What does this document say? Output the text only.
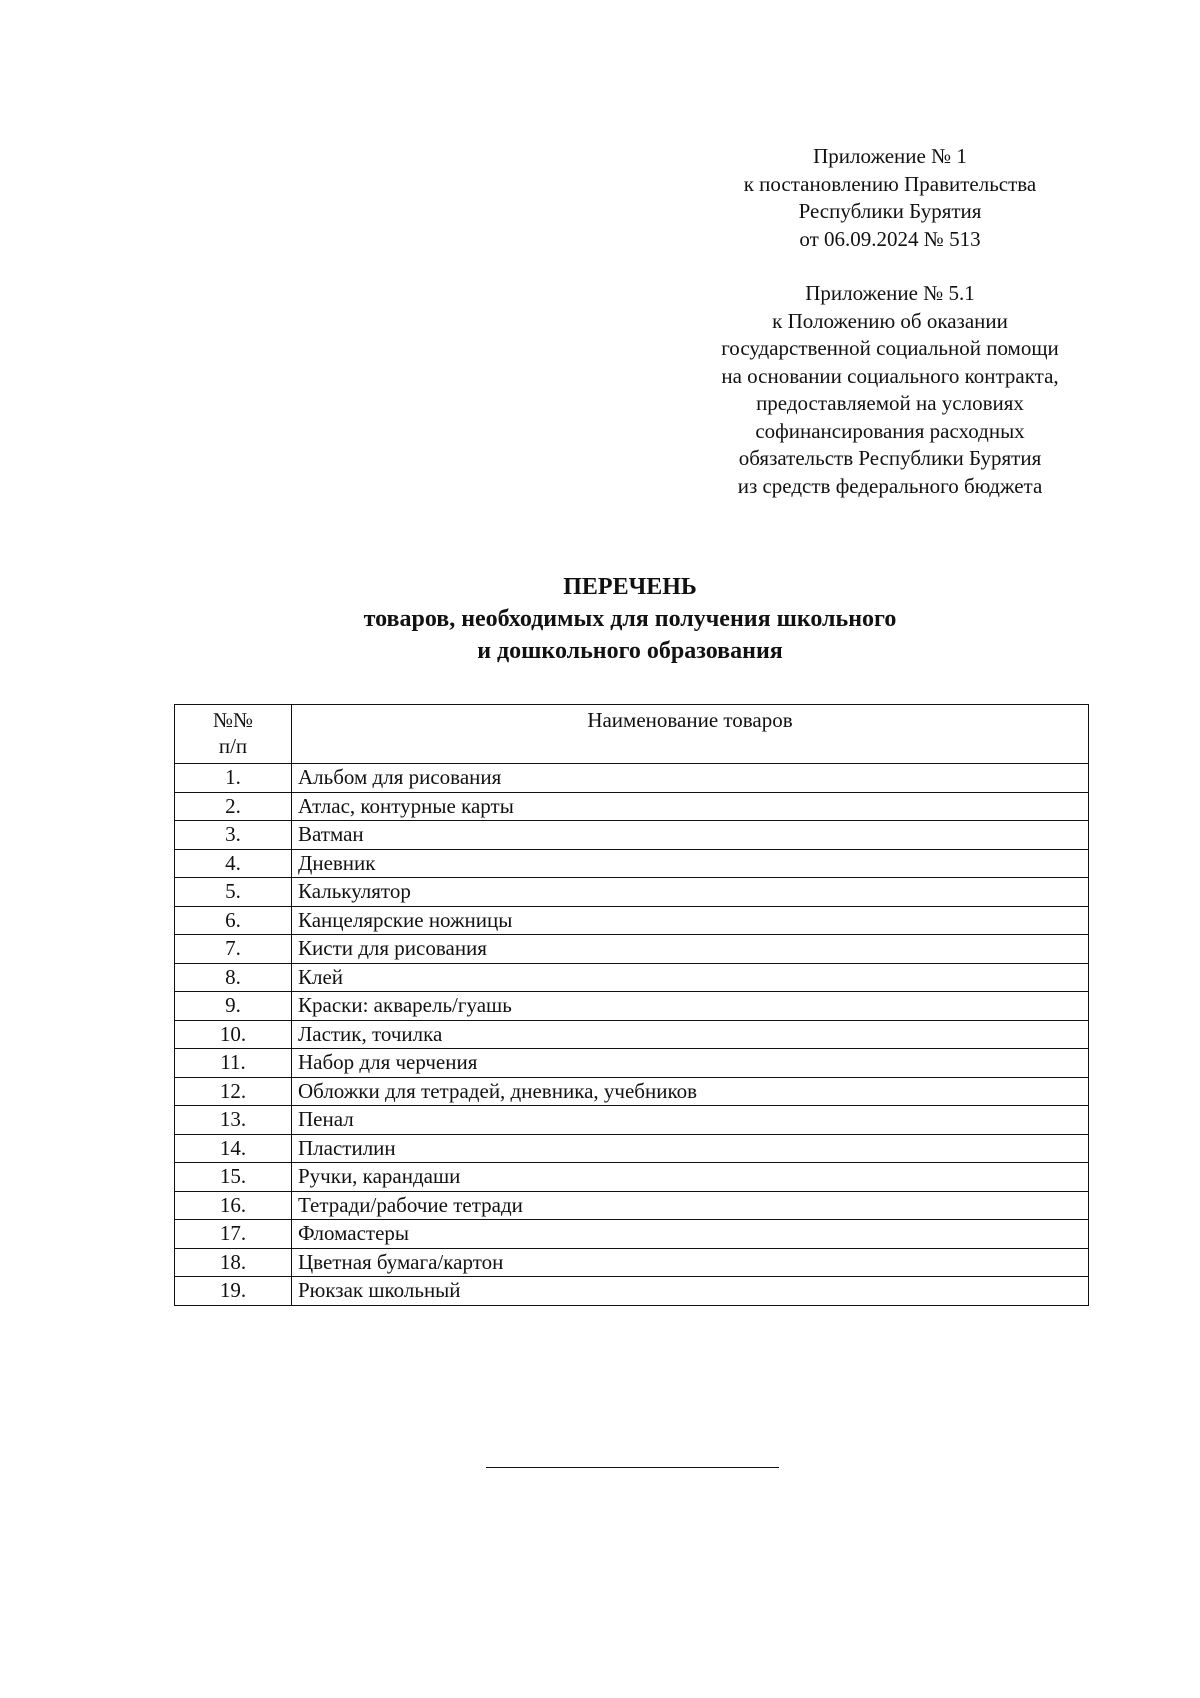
Приложение № 1
к постановлению Правительства
Республики Бурятия
от 06.09.2024 № 513
Приложение № 5.1
к Положению об оказании
государственной социальной помощи
на основании социального контракта,
предоставляемой на условиях
софинансирования расходных
обязательств Республики Бурятия
из средств федерального бюджета
ПЕРЕЧЕНЬ
товаров, необходимых для получения школьного
и дошкольного образования
№№
п/п	Наименование товаров
1.	Альбом для рисования
2.	Атлас, контурные карты
3.	Ватман
4.	Дневник
5.	Калькулятор
6.	Канцелярские ножницы
7.	Кисти для рисования
8.	Клей
9.	Краски: акварель/гуашь
10.	Ластик, точилка
11.	Набор для черчения
12.	Обложки для тетрадей, дневника, учебников
13.	Пенал
14.	Пластилин
15.	Ручки, карандаши
16.	Тетради/рабочие тетради
17.	Фломастеры
18.	Цветная бумага/картон
19.	Рюкзак школьный
